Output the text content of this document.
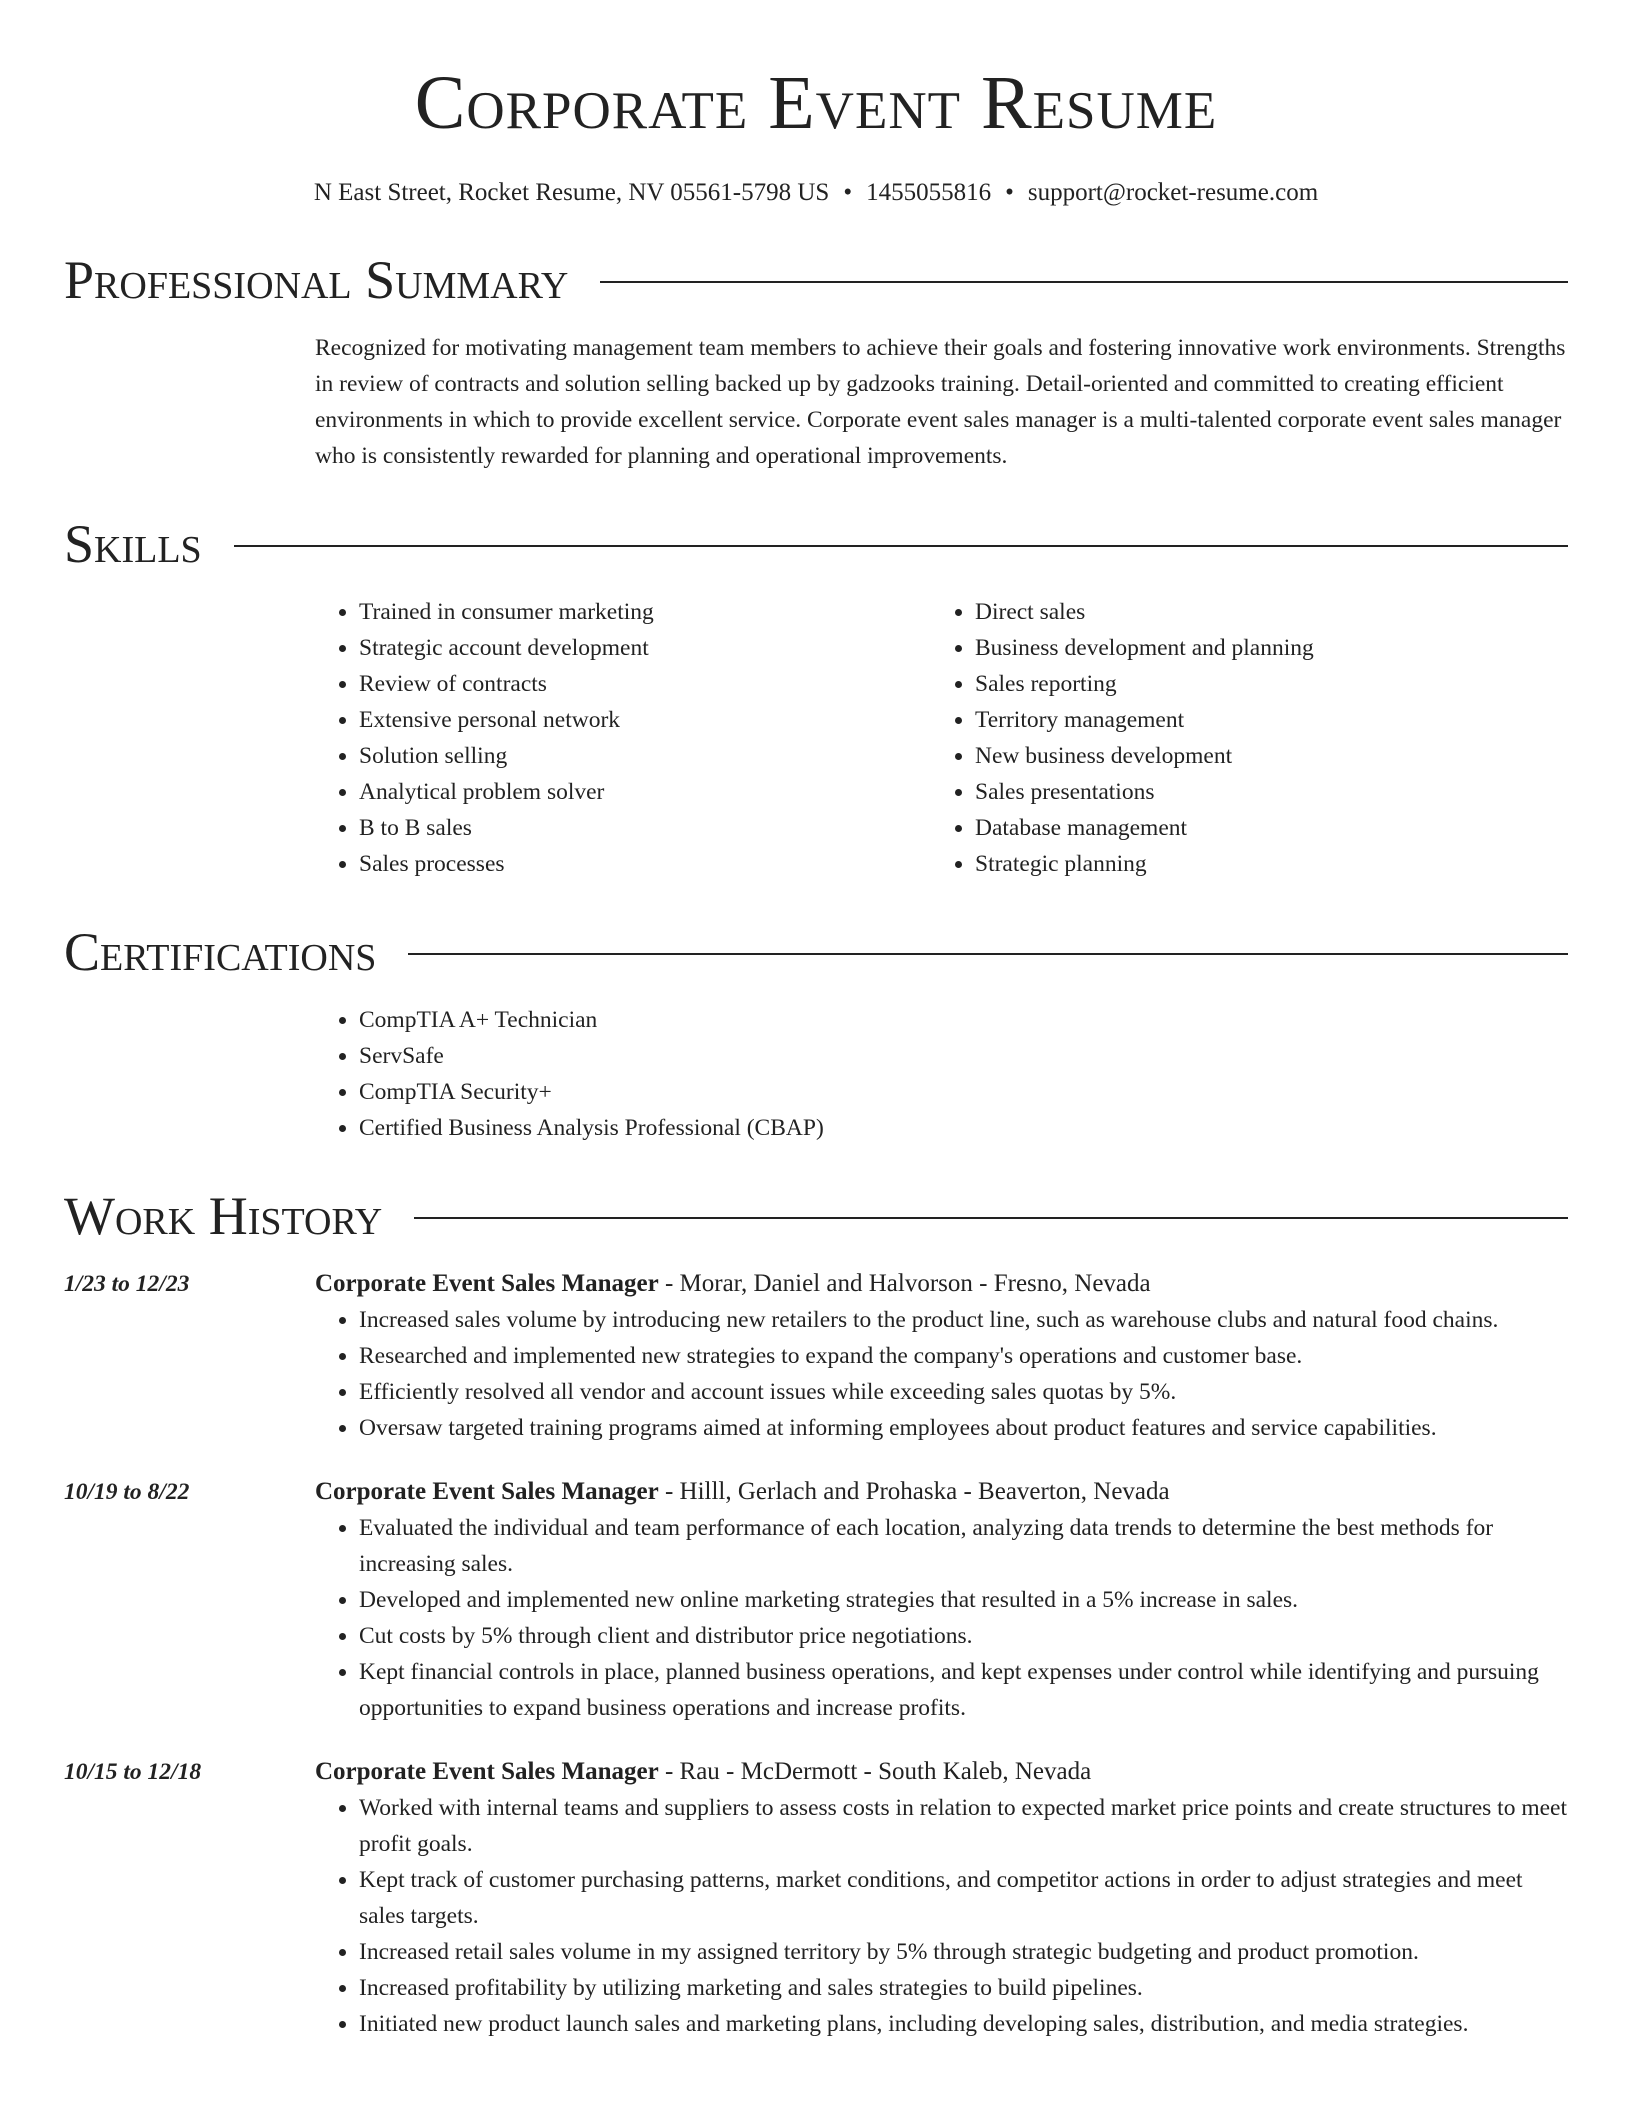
Corporate Event Resume
N East Street, Rocket Resume, NV 05561-5798 US • 1455055816 • support@rocket-resume.com
Professional Summary
Recognized for motivating management team members to achieve their goals and fostering innovative work environments. Strengths in review of contracts and solution selling backed up by gadzooks training. Detail-oriented and committed to creating efficient environments in which to provide excellent service. Corporate event sales manager is a multi-talented corporate event sales manager who is consistently rewarded for planning and operational improvements.
Skills
• Trained in consumer marketing
• Strategic account development
• Review of contracts
• Extensive personal network
• Solution selling
• Analytical problem solver
• B to B sales
• Sales processes
• Direct sales
• Business development and planning
• Sales reporting
• Territory management
• New business development
• Sales presentations
• Database management
• Strategic planning
Certifications
• CompTIA A+ Technician
• ServSafe
• CompTIA Security+
• Certified Business Analysis Professional (CBAP)
Work History
1/23 to 12/23	Corporate Event Sales Manager - Morar, Daniel and Halvorson - Fresno, Nevada
• Increased sales volume by introducing new retailers to the product line, such as warehouse clubs and natural food chains.
• Researched and implemented new strategies to expand the company's operations and customer base.
• Efficiently resolved all vendor and account issues while exceeding sales quotas by 5%.
• Oversaw targeted training programs aimed at informing employees about product features and service capabilities.
10/19 to 8/22	Corporate Event Sales Manager - Hilll, Gerlach and Prohaska - Beaverton, Nevada
• Evaluated the individual and team performance of each location, analyzing data trends to determine the best methods for increasing sales.
• Developed and implemented new online marketing strategies that resulted in a 5% increase in sales.
• Cut costs by 5% through client and distributor price negotiations.
• Kept financial controls in place, planned business operations, and kept expenses under control while identifying and pursuing opportunities to expand business operations and increase profits.
10/15 to 12/18	Corporate Event Sales Manager - Rau - McDermott - South Kaleb, Nevada
• Worked with internal teams and suppliers to assess costs in relation to expected market price points and create structures to meet profit goals.
• Kept track of customer purchasing patterns, market conditions, and competitor actions in order to adjust strategies and meet sales targets.
• Increased retail sales volume in my assigned territory by 5% through strategic budgeting and product promotion.
• Increased profitability by utilizing marketing and sales strategies to build pipelines.
• Initiated new product launch sales and marketing plans, including developing sales, distribution, and media strategies.
